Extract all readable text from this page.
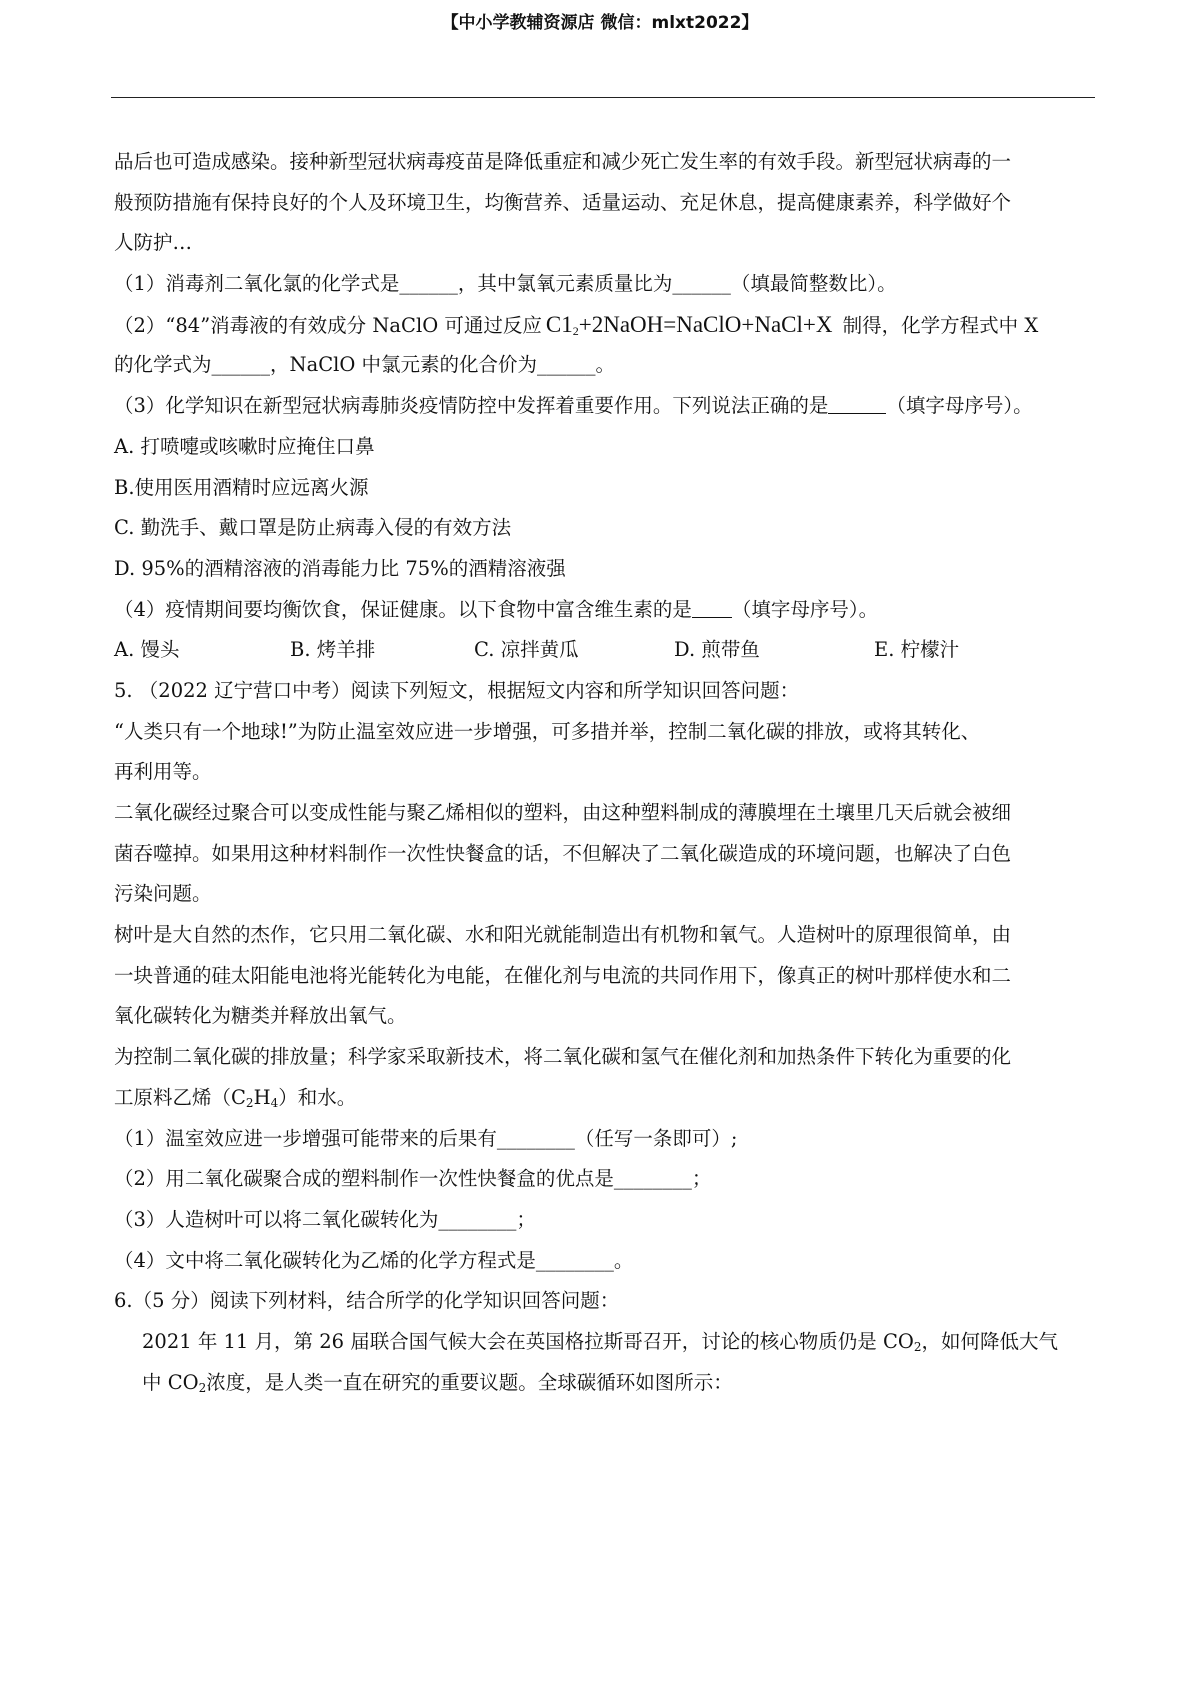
【中小学教辅资源店 微信：mlxt2022】
品后也可造成感染。接种新型冠状病毒疫苗是降低重症和减少死亡发生率的有效手段。新型冠状病毒的一
般预防措施有保持良好的个人及环境卫生，均衡营养、适量运动、充足休息，提高健康素养，科学做好个
人防护…
（1）消毒剂二氧化氯的化学式是______，其中氯氧元素质量比为______（填最简整数比）。
（2）“84”消毒液的有效成分 NaClO 可通过反应 $C1_2+2NaOH=NaClO+NaCl+X$ 制得，化学方程式中 X
的化学式为______，NaClO 中氯元素的化合价为______。
（3）化学知识在新型冠状病毒肺炎疫情防控中发挥着重要作用。下列说法正确的是	（填字母序号）。
A. 打喷嚏或咳嗽时应掩住口鼻
B.使用医用酒精时应远离火源
C. 勤洗手、戴口罩是防止病毒入侵的有效方法
D. 95%的酒精溶液的消毒能力比 75%的酒精溶液强
（4）疫情期间要均衡饮食，保证健康。以下食物中富含维生素的是 （填字母序号）。
A. 馒头	B. 烤羊排	C. 凉拌黄瓜	D. 煎带鱼	E. 柠檬汁
5. （2022 辽宁营口中考）阅读下列短文，根据短文内容和所学知识回答问题：
“人类只有一个地球!”为防止温室效应进一步增强，可多措并举，控制二氧化碳的排放，或将其转化、
再利用等。
二氧化碳经过聚合可以变成性能与聚乙烯相似的塑料，由这种塑料制成的薄膜埋在土壤里几天后就会被细
菌吞噬掉。如果用这种材料制作一次性快餐盒的话，不但解决了二氧化碳造成的环境问题，也解决了白色
污染问题。
树叶是大自然的杰作，它只用二氧化碳、水和阳光就能制造出有机物和氧气。人造树叶的原理很简单，由
一块普通的硅太阳能电池将光能转化为电能，在催化剂与电流的共同作用下，像真正的树叶那样使水和二
氧化碳转化为糖类并释放出氧气。
为控制二氧化碳的排放量；科学家采取新技术，将二氧化碳和氢气在催化剂和加热条件下转化为重要的化
工原料乙烯$(C_2H_4)$和水。
（1）温室效应进一步增强可能带来的后果有________（任写一条即可）;
（2）用二氧化碳聚合成的塑料制作一次性快餐盒的优点是________；
（3）人造树叶可以将二氧化碳转化为________；
（4）文中将二氧化碳转化为乙烯的化学方程式是________。
6.（5 分）阅读下列材料，结合所学的化学知识回答问题：
2021 年 11 月，第 26 届联合国气候大会在英国格拉斯哥召开，讨论的核心物质仍是 $CO_2$，如何降低大气
中 $CO_2$浓度，是人类一直在研究的重要议题。全球碳循环如图所示：
